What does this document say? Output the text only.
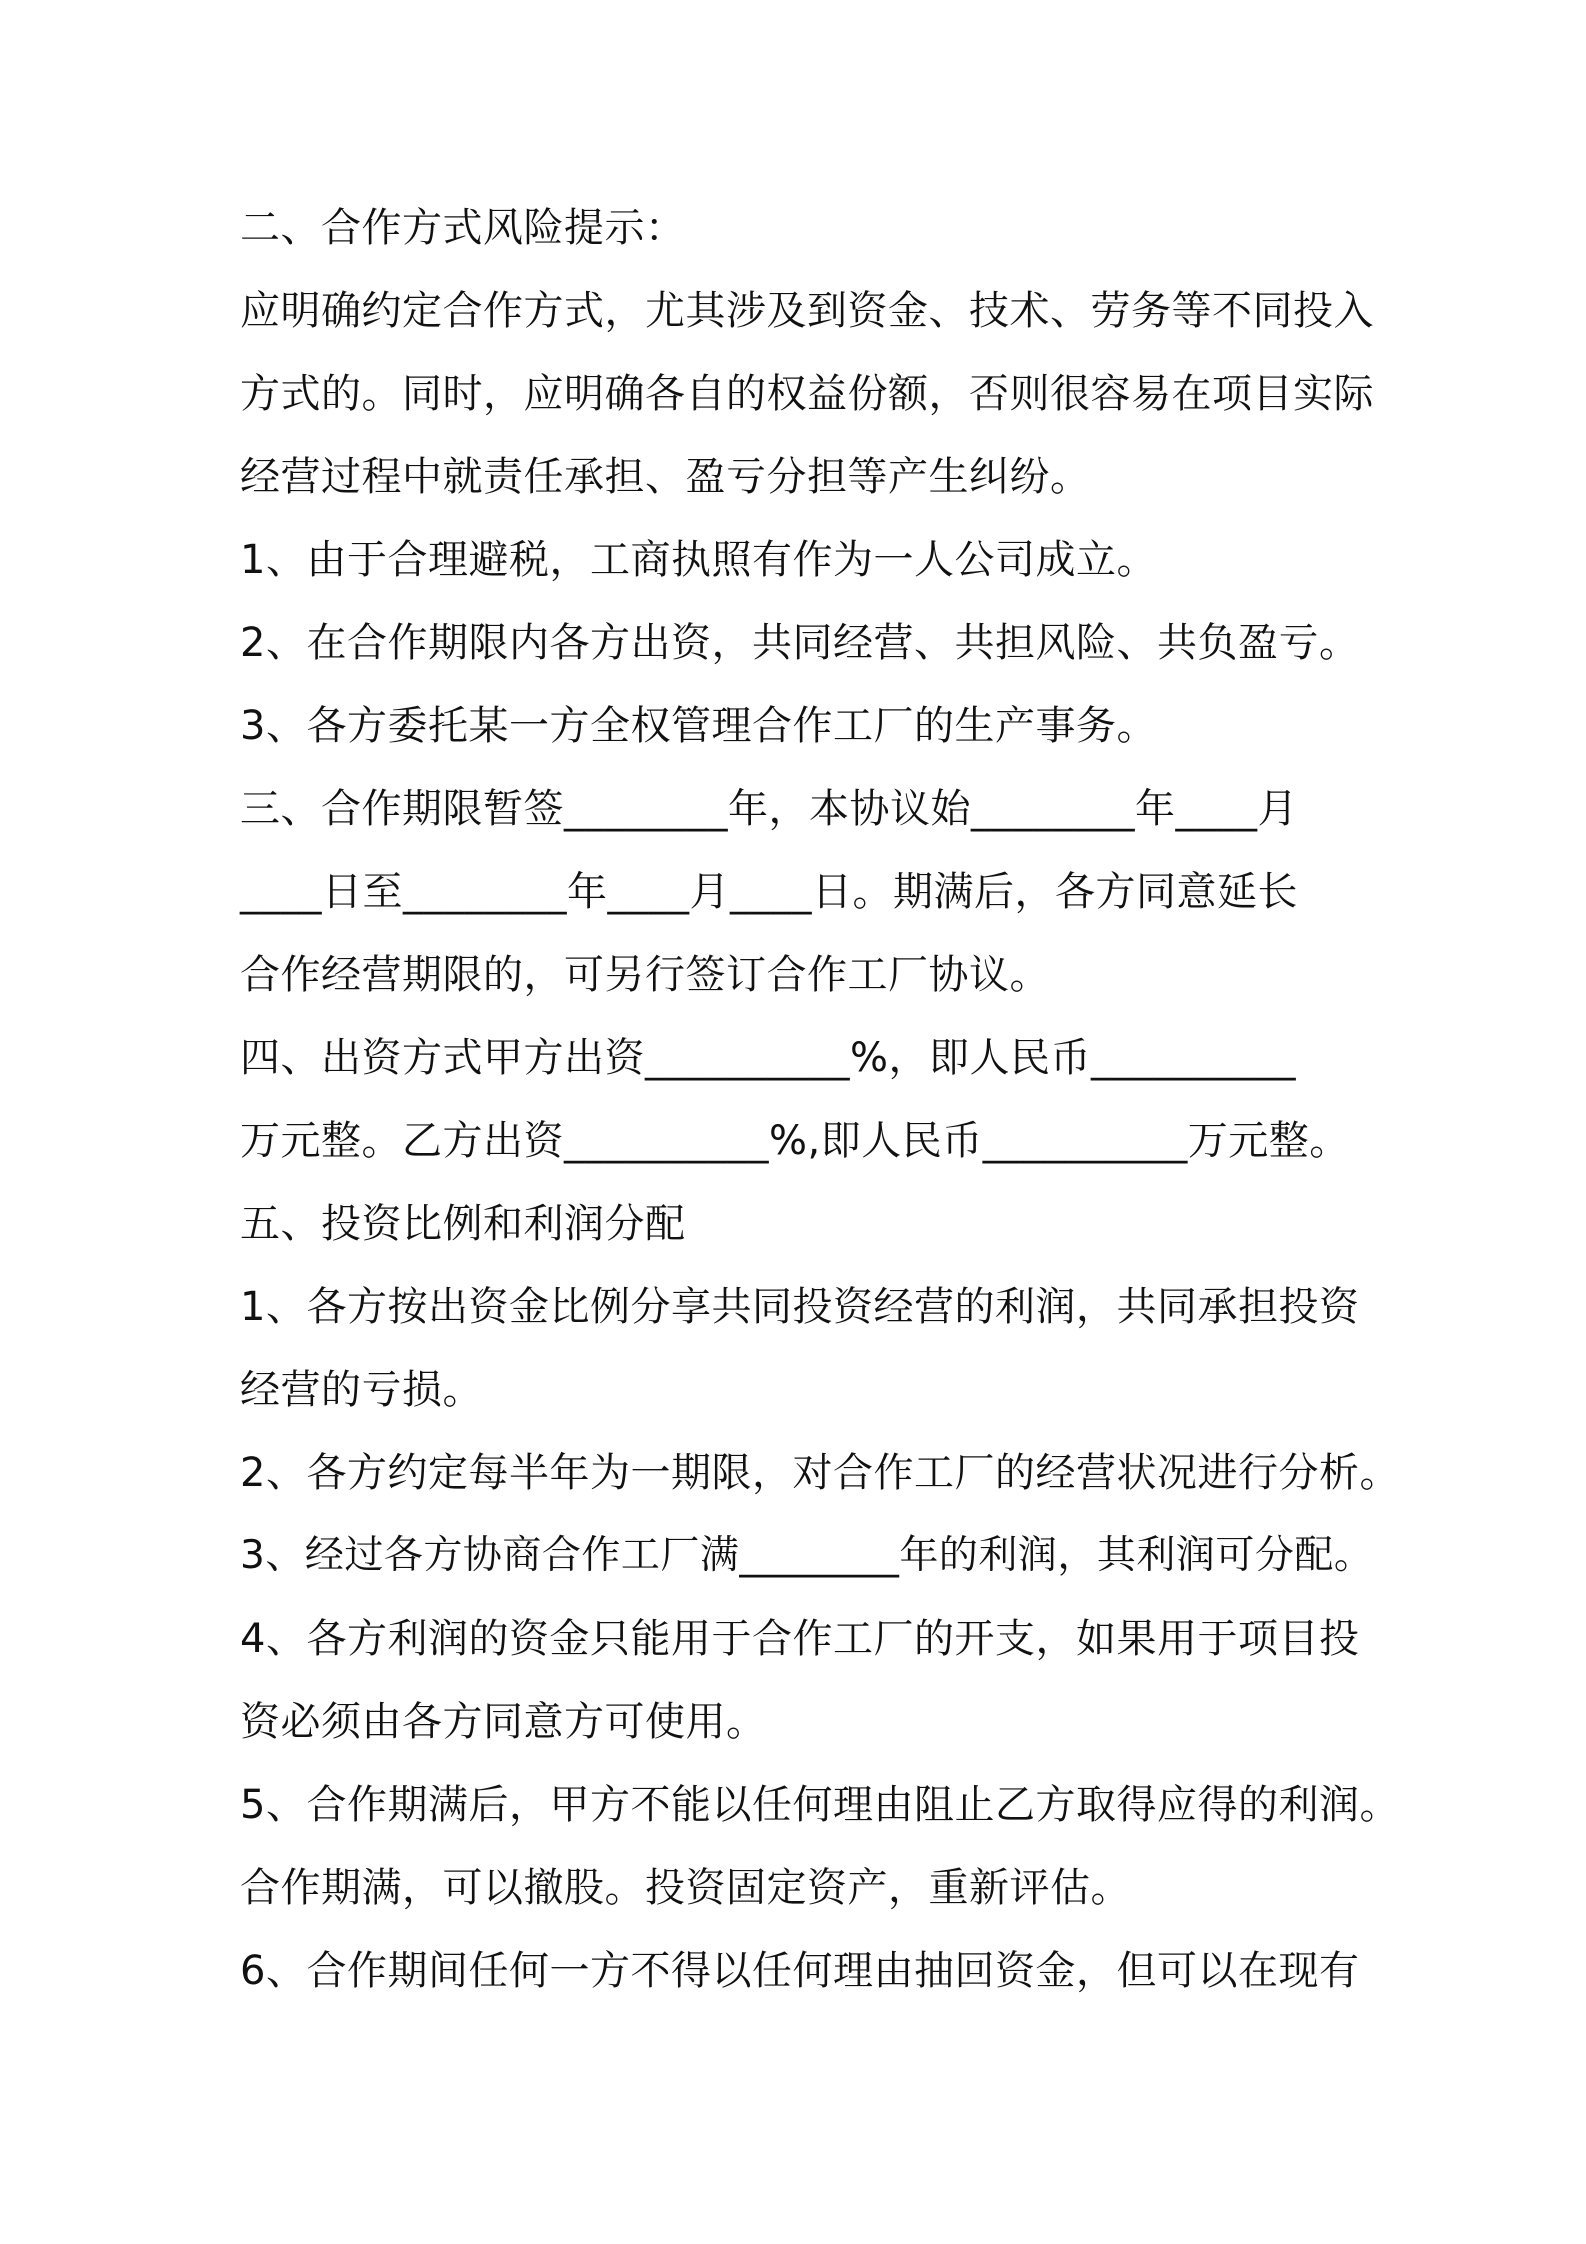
二、合作方式风险提示：
应明确约定合作方式，尤其涉及到资金、技术、劳务等不同投入
方式的。同时，应明确各自的权益份额，否则很容易在项目实际
经营过程中就责任承担、盈亏分担等产生纠纷。
1、由于合理避税，工商执照有作为一人公司成立。
2、在合作期限内各方出资，共同经营、共担风险、共负盈亏。
3、各方委托某一方全权管理合作工厂的生产事务。
三、合作期限暂签________年，本协议始________年____月
____日至________年____月____日。期满后，各方同意延长
合作经营期限的，可另行签订合作工厂协议。
四、出资方式甲方出资__________%，即人民币__________
万元整。乙方出资__________%,即人民币__________万元整。
五、投资比例和利润分配
1、各方按出资金比例分享共同投资经营的利润，共同承担投资
经营的亏损。
2、各方约定每半年为一期限，对合作工厂的经营状况进行分析。
3、经过各方协商合作工厂满________年的利润，其利润可分配。
4、各方利润的资金只能用于合作工厂的开支，如果用于项目投
资必须由各方同意方可使用。
5、合作期满后，甲方不能以任何理由阻止乙方取得应得的利润。
合作期满，可以撤股。投资固定资产，重新评估。
6、合作期间任何一方不得以任何理由抽回资金，但可以在现有
